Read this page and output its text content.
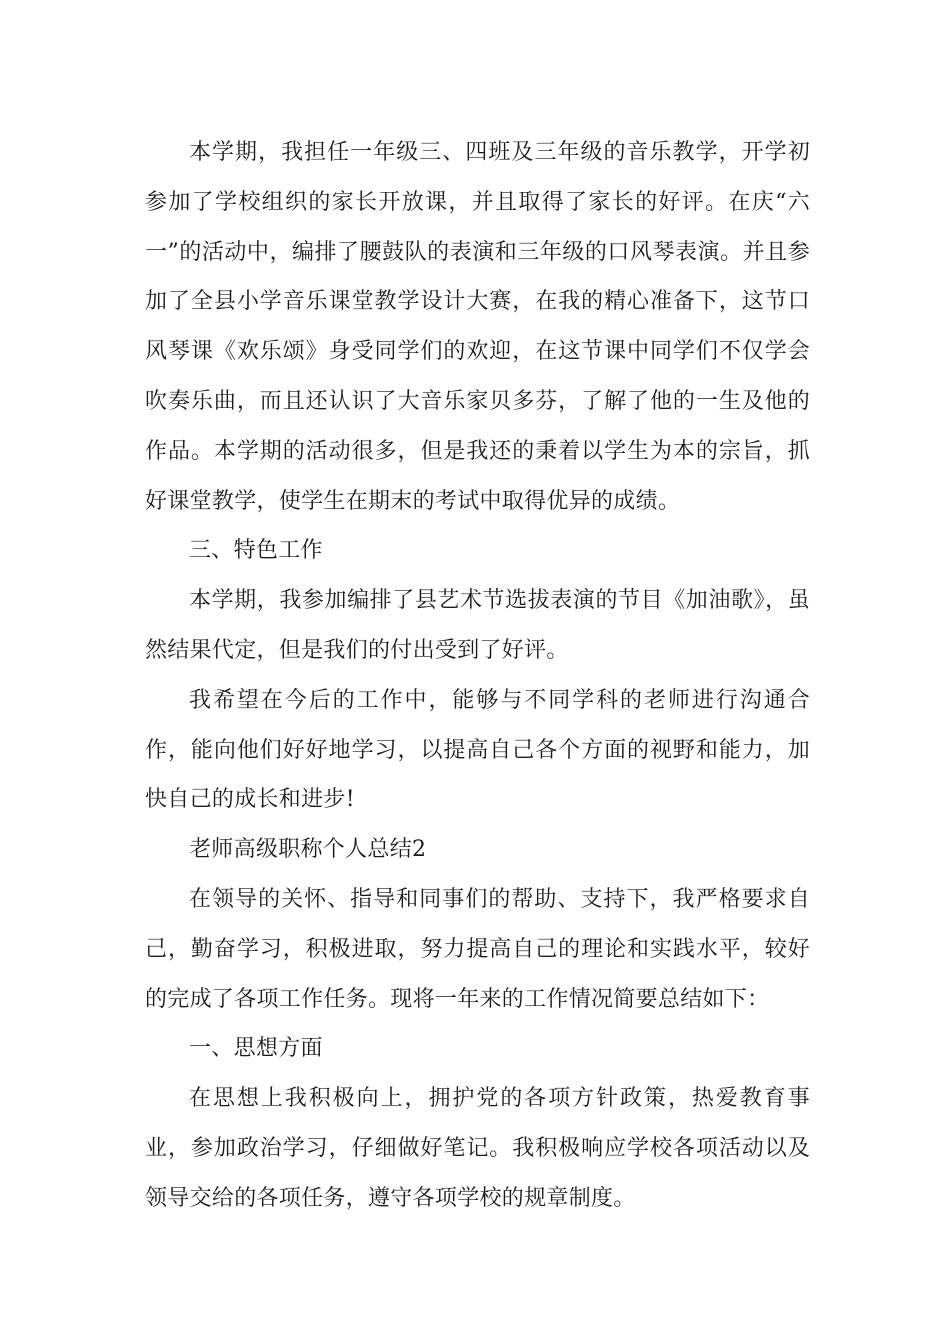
本学期，我担任一年级三、四班及三年级的音乐教学，开学初参加了学校组织的家长开放课，并且取得了家长的好评。在庆“六一”的活动中，编排了腰鼓队的表演和三年级的口风琴表演。并且参加了全县小学音乐课堂教学设计大赛，在我的精心准备下，这节口风琴课《欢乐颂》身受同学们的欢迎，在这节课中同学们不仅学会吹奏乐曲，而且还认识了大音乐家贝多芬，了解了他的一生及他的作品。本学期的活动很多，但是我还的秉着以学生为本的宗旨，抓好课堂教学，使学生在期末的考试中取得优异的成绩。

三、特色工作

本学期，我参加编排了县艺术节选拔表演的节目《加油歌》，虽然结果代定，但是我们的付出受到了好评。

我希望在今后的工作中，能够与不同学科的老师进行沟通合作，能向他们好好地学习，以提高自己各个方面的视野和能力，加快自己的成长和进步!

老师高级职称个人总结2

在领导的关怀、指导和同事们的帮助、支持下，我严格要求自己，勤奋学习，积极进取，努力提高自己的理论和实践水平，较好的完成了各项工作任务。现将一年来的工作情况简要总结如下：

一、思想方面

在思想上我积极向上，拥护党的各项方针政策，热爱教育事业，参加政治学习，仔细做好笔记。我积极响应学校各项活动以及领导交给的各项任务，遵守各项学校的规章制度。
